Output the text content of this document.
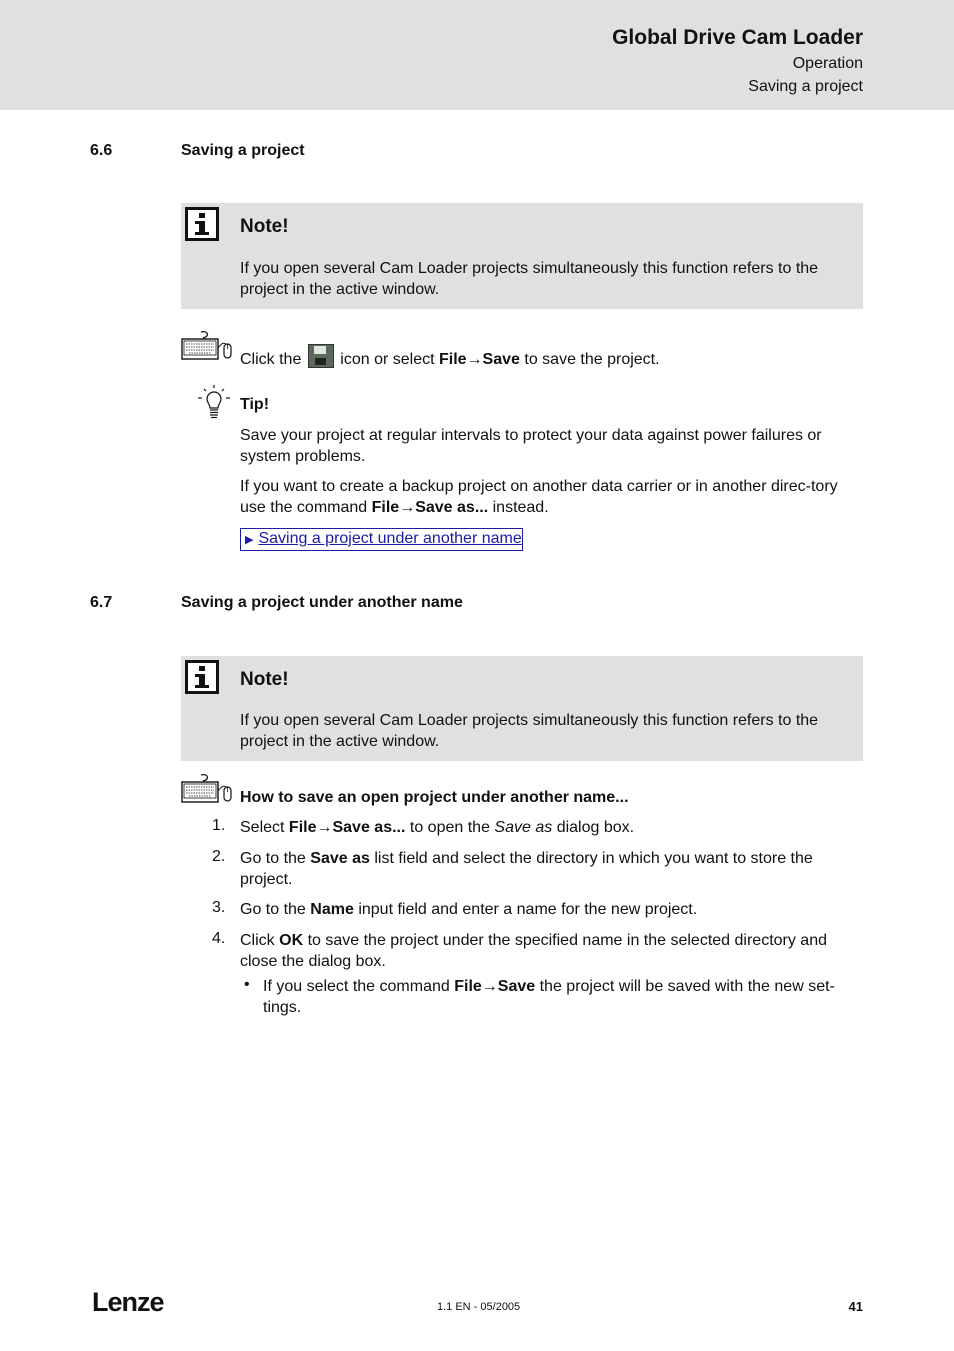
Global Drive Cam Loader
Operation
Saving a project
6.6	Saving a project
Note!
If you open several Cam Loader projects simultaneously this function refers to the project in the active window.
Click the icon or select File→Save to save the project.
Tip!
Save your project at regular intervals to protect your data against power failures or system problems.
If you want to create a backup project on another data carrier or in another direc-tory use the command File→Save as... instead.
▶ Saving a project under another name
6.7	Saving a project under another name
Note!
If you open several Cam Loader projects simultaneously this function refers to the project in the active window.
How to save an open project under another name...
1. Select File→Save as... to open the Save as dialog box.
2. Go to the Save as list field and select the directory in which you want to store the project.
3. Go to the Name input field and enter a name for the new project.
4. Click OK to save the project under the specified name in the selected directory and close the dialog box.
• If you select the command File→Save the project will be saved with the new set-tings.
Lenze	1.1 EN - 05/2005	41
